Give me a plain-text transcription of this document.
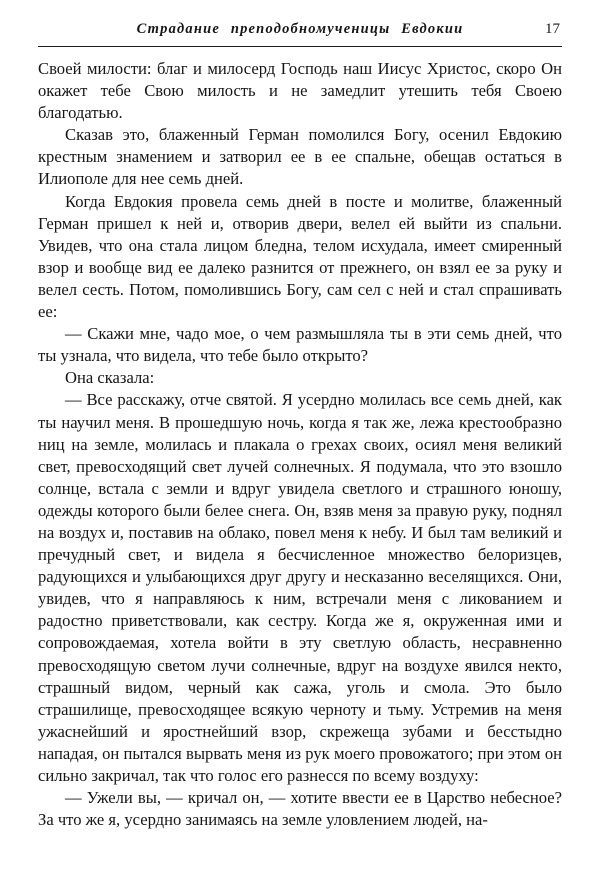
Страдание преподобномученицы Евдокии	17

Своей милости: благ и милосерд Господь наш Иисус Христос, скоро Он окажет тебе Свою милость и не замедлит утешить тебя Своею благодатью.

Сказав это, блаженный Герман помолился Богу, осенил Евдокию крестным знамением и затворил ее в ее спальне, обещав остаться в Илиополе для нее семь дней.

Когда Евдокия провела семь дней в посте и молитве, блаженный Герман пришел к ней и, отворив двери, велел ей выйти из спальни. Увидев, что она стала лицом бледна, телом исхудала, имеет смиренный взор и вообще вид ее далеко разнится от прежнего, он взял ее за руку и велел сесть. Потом, помолившись Богу, сам сел с ней и стал спрашивать ее:

— Скажи мне, чадо мое, о чем размышляла ты в эти семь дней, что ты узнала, что видела, что тебе было открыто?

Она сказала:

— Все расскажу, отче святой. Я усердно молилась все семь дней, как ты научил меня. В прошедшую ночь, когда я так же, лежа крестообразно ниц на земле, молилась и плакала о грехах своих, осиял меня великий свет, превосходящий свет лучей солнечных. Я подумала, что это взошло солнце, встала с земли и вдруг увидела светлого и страшного юношу, одежды которого были белее снега. Он, взяв меня за правую руку, поднял на воздух и, поставив на облако, повел меня к небу. И был там великий и пречудный свет, и видела я бесчисленное множество белоризцев, радующихся и улыбающихся друг другу и несказанно веселящихся. Они, увидев, что я направляюсь к ним, встречали меня с ликованием и радостно приветствовали, как сестру. Когда же я, окруженная ими и сопровождаемая, хотела войти в эту светлую область, несравненно превосходящую светом лучи солнечные, вдруг на воздухе явился некто, страшный видом, черный как сажа, уголь и смола. Это было страшилище, превосходящее всякую черноту и тьму. Устремив на меня ужаснейший и яростнейший взор, скрежеща зубами и бесстыдно нападая, он пытался вырвать меня из рук моего провожатого; при этом он сильно закричал, так что голос его разнесся по всему воздуху:

— Ужели вы, — кричал он, — хотите ввести ее в Царство небесное? За что же я, усердно занимаясь на земле уловлением людей, на-
